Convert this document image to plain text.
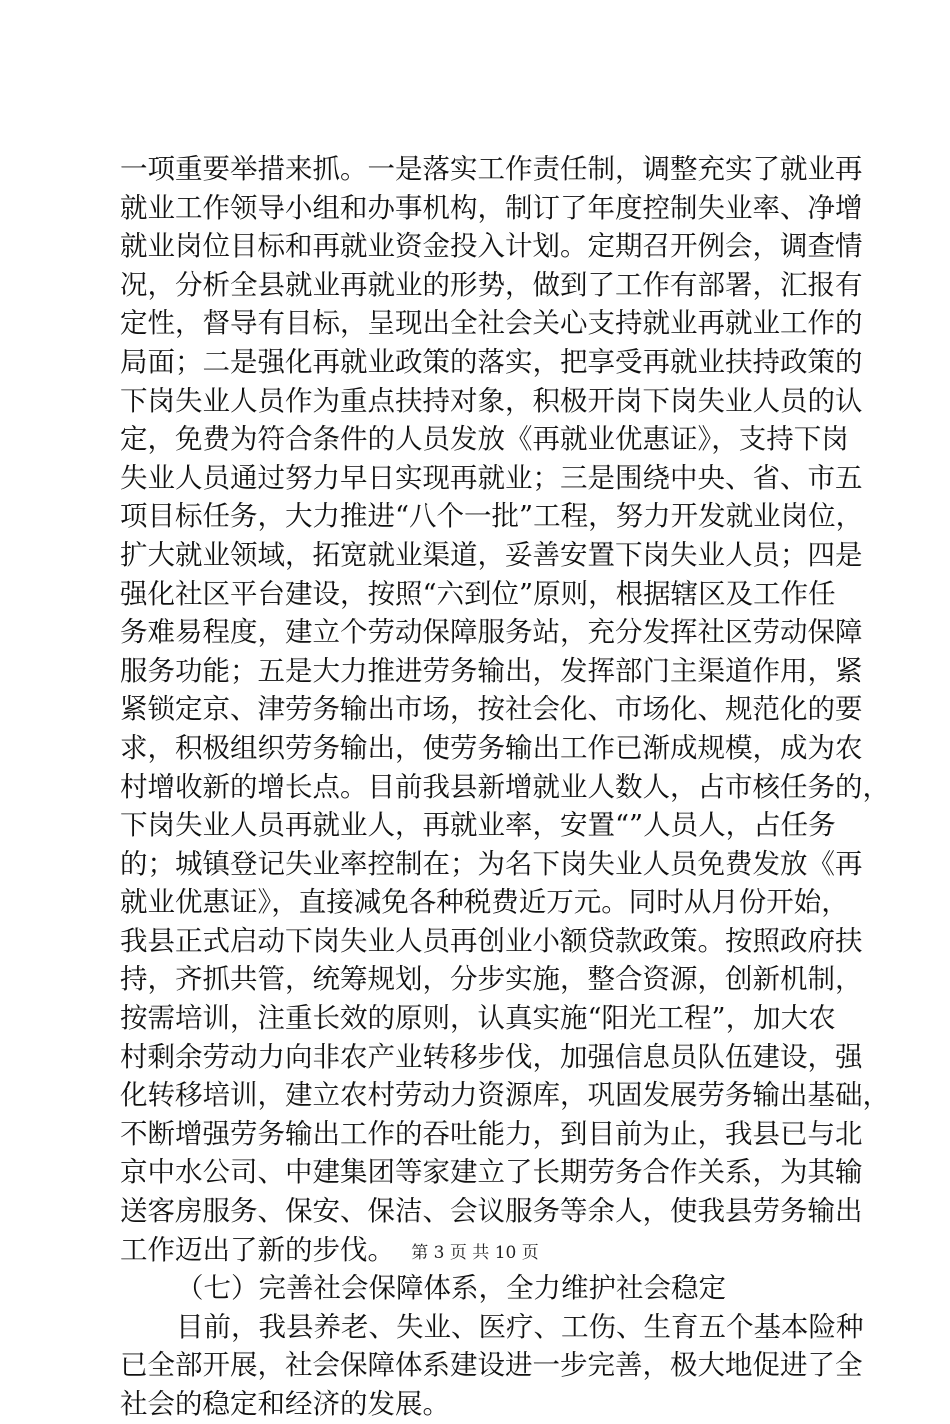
一项重要举措来抓。一是落实工作责任制，调整充实了就业再
就业工作领导小组和办事机构，制订了年度控制失业率、净增
就业岗位目标和再就业资金投入计划。定期召开例会，调查情
况，分析全县就业再就业的形势，做到了工作有部署，汇报有
定性，督导有目标，呈现出全社会关心支持就业再就业工作的
局面；二是强化再就业政策的落实，把享受再就业扶持政策的
下岗失业人员作为重点扶持对象，积极开岗下岗失业人员的认
定，免费为符合条件的人员发放《再就业优惠证》，支持下岗
失业人员通过努力早日实现再就业；三是围绕中央、省、市五
项目标任务，大力推进“八个一批”工程，努力开发就业岗位，
扩大就业领域，拓宽就业渠道，妥善安置下岗失业人员；四是
强化社区平台建设，按照“六到位”原则，根据辖区及工作任
务难易程度，建立个劳动保障服务站，充分发挥社区劳动保障
服务功能；五是大力推进劳务输出，发挥部门主渠道作用，紧
紧锁定京、津劳务输出市场，按社会化、市场化、规范化的要
求，积极组织劳务输出，使劳务输出工作已渐成规模，成为农
村增收新的增长点。目前我县新增就业人数人，占市核任务的，
下岗失业人员再就业人，再就业率，安置“”人员人，占任务
的；城镇登记失业率控制在；为名下岗失业人员免费发放《再
就业优惠证》，直接减免各种税费近万元。同时从月份开始，
我县正式启动下岗失业人员再创业小额贷款政策。按照政府扶
持，齐抓共管，统筹规划，分步实施，整合资源，创新机制，
按需培训，注重长效的原则，认真实施“阳光工程”，加大农
村剩余劳动力向非农产业转移步伐，加强信息员队伍建设，强
化转移培训，建立农村劳动力资源库，巩固发展劳务输出基础，
不断增强劳务输出工作的吞吐能力，到目前为止，我县已与北
京中水公司、中建集团等家建立了长期劳务合作关系，为其输
送客房服务、保安、保洁、会议服务等余人，使我县劳务输出
工作迈出了新的步伐。
（七）完善社会保障体系，全力维护社会稳定
目前，我县养老、失业、医疗、工伤、生育五个基本险种
已全部开展，社会保障体系建设进一步完善，极大地促进了全
社会的稳定和经济的发展。
第 3 页 共 10 页
